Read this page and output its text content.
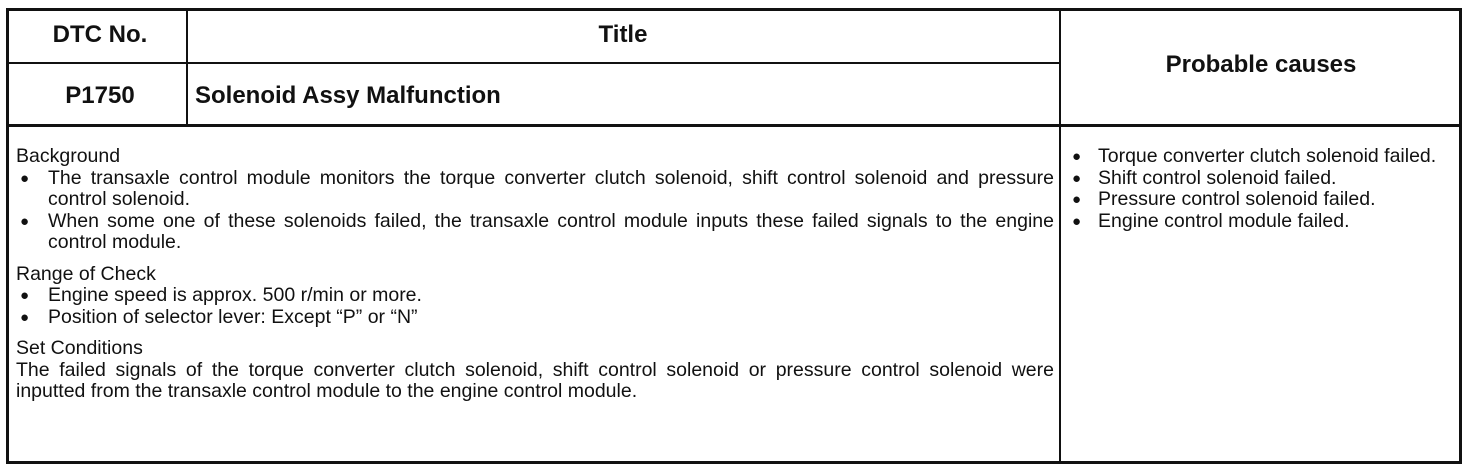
DTC No.	Title
Probable causes
P1750	Solenoid Assy Malfunction
Background
● The transaxle control module monitors the torque converter clutch solenoid, shift control solenoid and pressure control solenoid.
● When some one of these solenoids failed, the transaxle control module inputs these failed signals to the engine control module.
Range of Check
● Engine speed is approx. 500 r/min or more.
● Position of selector lever: Except “P” or “N”
Set Conditions
The failed signals of the torque converter clutch solenoid, shift control solenoid or pressure control solenoid were inputted from the transaxle control module to the engine control module.
● Torque converter clutch solenoid failed.
● Shift control solenoid failed.
● Pressure control solenoid failed.
● Engine control module failed.
